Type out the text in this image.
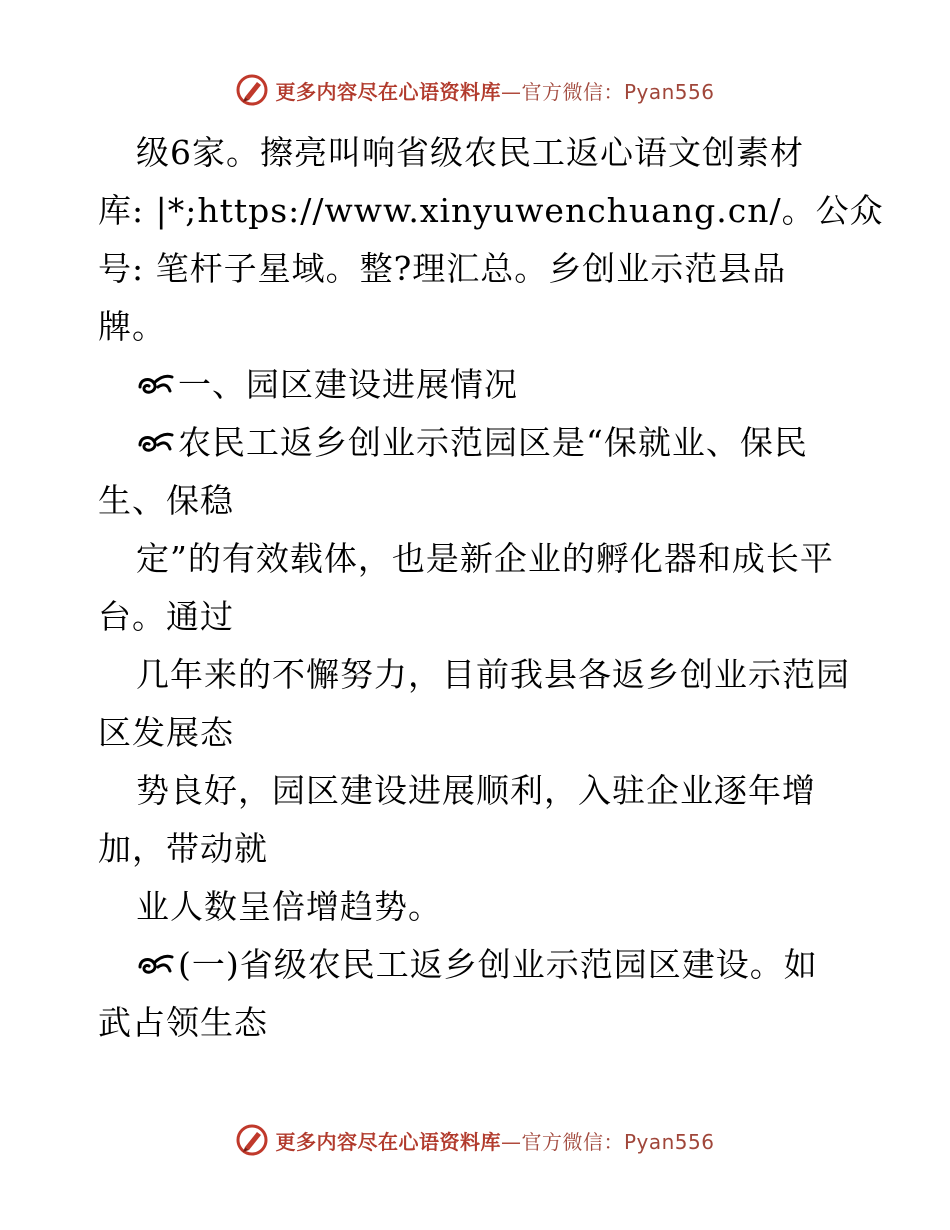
更多内容尽在心语资料库—官方微信：Pyan556
级6家。擦亮叫响省级农民工返心语文创素材
库: |*;https://www.xinyuwenchuang.cn/。公众
号: 笔杆子星域。整?理汇总。乡创业示范县品
牌。
一、园区建设进展情况
农民工返乡创业示范园区是“保就业、保民
生、保稳
定”的有效载体，也是新企业的孵化器和成长平
台。通过
几年来的不懈努力，目前我县各返乡创业示范园
区发展态
势良好，园区建设进展顺利，入驻企业逐年增
加，带动就
业人数呈倍增趋势。
(一)省级农民工返乡创业示范园区建设。如
武占领生态
更多内容尽在心语资料库—官方微信：Pyan556
